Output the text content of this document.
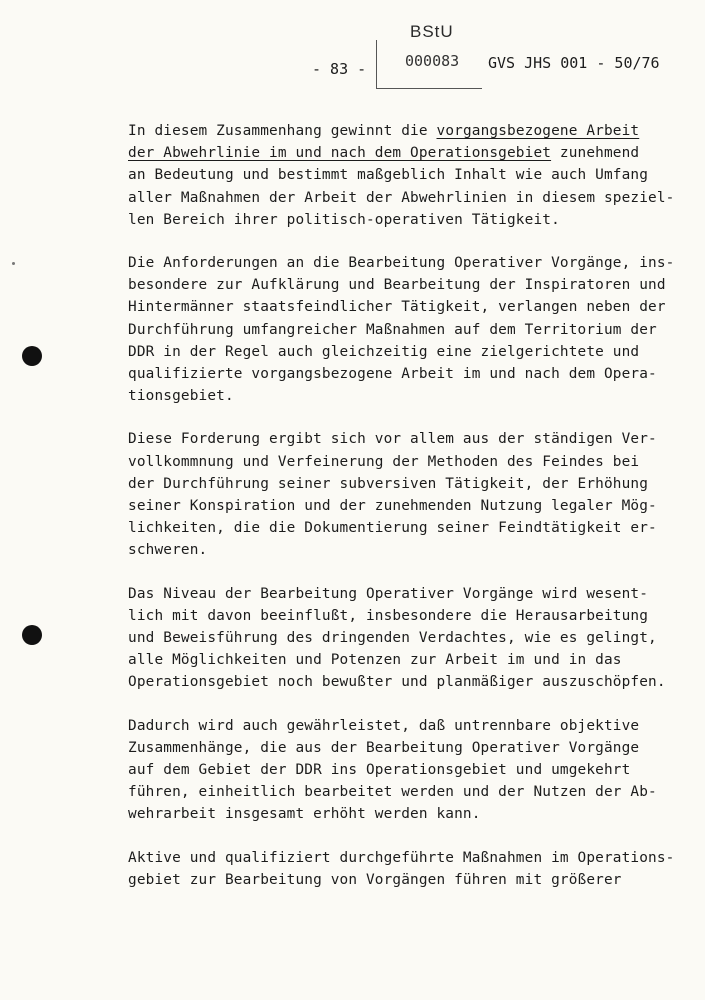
BStU
- 83 -	000083 GVS JHS 001 - 50/76
In diesem Zusammenhang gewinnt die vorgangsbezogene Arbeit
der Abwehrlinie im und nach dem Operationsgebiet zunehmend
an Bedeutung und bestimmt maßgeblich Inhalt wie auch Umfang
aller Maßnahmen der Arbeit der Abwehrlinien in diesem speziel-
len Bereich ihrer politisch-operativen Tätigkeit.
Die Anforderungen an die Bearbeitung Operativer Vorgänge, ins-
besondere zur Aufklärung und Bearbeitung der Inspiratoren und
Hintermänner staatsfeindlicher Tätigkeit, verlangen neben der
Durchführung umfangreicher Maßnahmen auf dem Territorium der
DDR in der Regel auch gleichzeitig eine zielgerichtete und
qualifizierte vorgangsbezogene Arbeit im und nach dem Opera-
tionsgebiet.
Diese Forderung ergibt sich vor allem aus der ständigen Ver-
vollkommnung und Verfeinerung der Methoden des Feindes bei
der Durchführung seiner subversiven Tätigkeit, der Erhöhung
seiner Konspiration und der zunehmenden Nutzung legaler Mög-
lichkeiten, die die Dokumentierung seiner Feindtätigkeit er-
schweren.
Das Niveau der Bearbeitung Operativer Vorgänge wird wesent-
lich mit davon beeinflußt, insbesondere die Herausarbeitung
und Beweisführung des dringenden Verdachtes, wie es gelingt,
alle Möglichkeiten und Potenzen zur Arbeit im und in das
Operationsgebiet noch bewußter und planmäßiger auszuschöpfen.
Dadurch wird auch gewährleistet, daß untrennbare objektive
Zusammenhänge, die aus der Bearbeitung Operativer Vorgänge
auf dem Gebiet der DDR ins Operationsgebiet und umgekehrt
führen, einheitlich bearbeitet werden und der Nutzen der Ab-
wehrarbeit insgesamt erhöht werden kann.
Aktive und qualifiziert durchgeführte Maßnahmen im Operations-
gebiet zur Bearbeitung von Vorgängen führen mit größerer
